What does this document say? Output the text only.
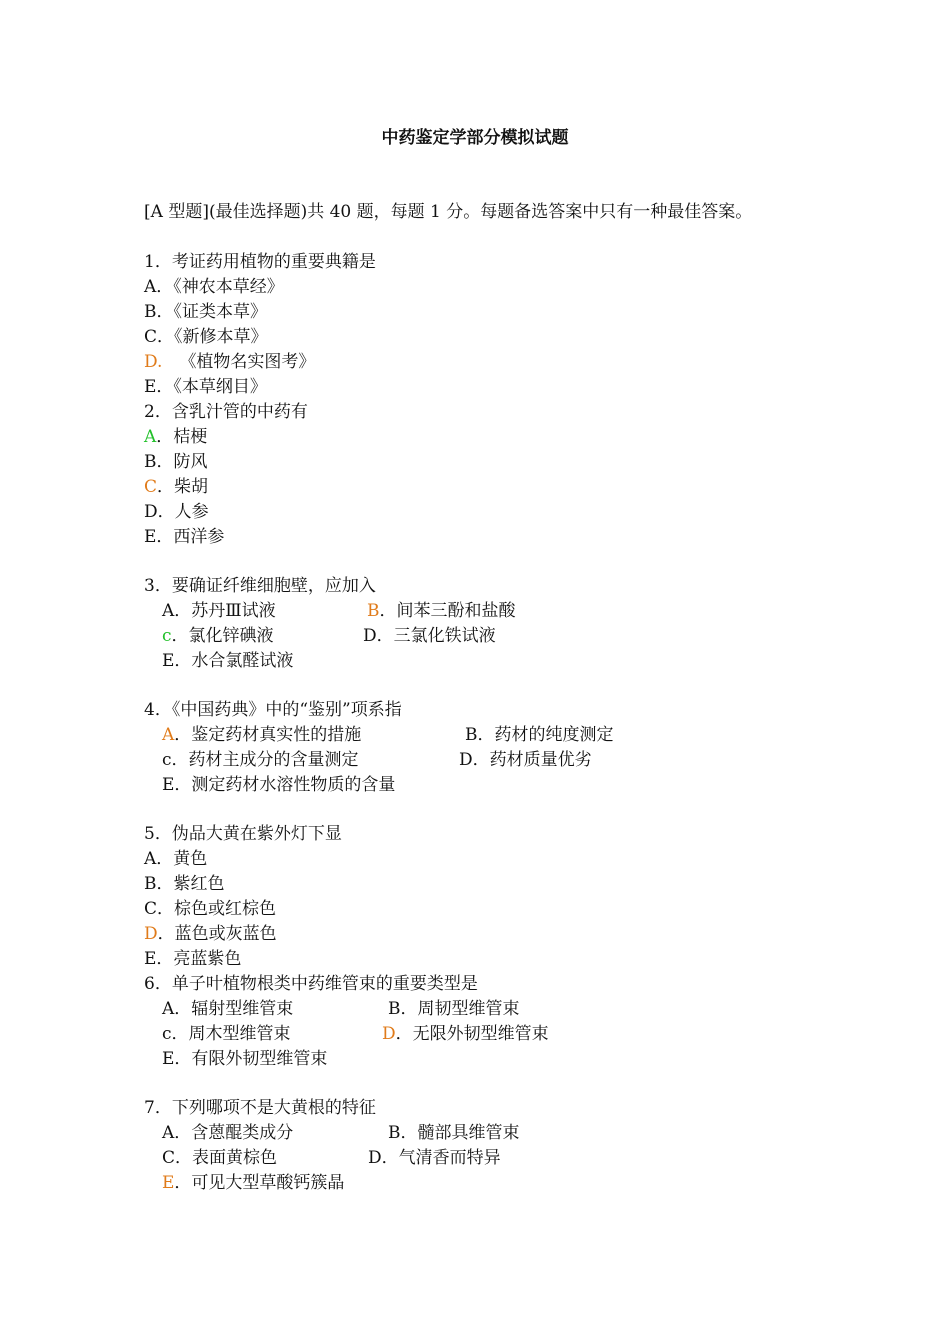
中药鉴定学部分模拟试题
[A 型题](最佳选择题)共 40 题，每题 1 分。每题备选答案中只有一种最佳答案。
1．考证药用植物的重要典籍是
A．《神农本草经》
B．《证类本草》
C．《新修本草》
D. 《植物名实图考》
E．《本草纲目》
2．含乳汁管的中药有
A．桔梗
B．防风
C．柴胡
D．人参
E．西洋参
3．要确证纤维细胞壁，应加入
A．苏丹Ⅲ试液	B．间苯三酚和盐酸
c．氯化锌碘液	D．三氯化铁试液
E．水合氯醛试液
4．《中国药典》中的“鉴别”项系指
A．鉴定药材真实性的措施	B．药材的纯度测定
c．药材主成分的含量测定	D．药材质量优劣
E．测定药材水溶性物质的含量
5．伪品大黄在紫外灯下显
A．黄色
B．紫红色
C．棕色或红棕色
D．蓝色或灰蓝色
E．亮蓝紫色
6．单子叶植物根类中药维管束的重要类型是
A．辐射型维管束	B．周韧型维管束
c．周木型维管束	D．无限外韧型维管束
E．有限外韧型维管束
7．下列哪项不是大黄根的特征
A．含蒽醌类成分	B．髓部具维管束
C．表面黄棕色	D．气清香而特异
E．可见大型草酸钙簇晶
